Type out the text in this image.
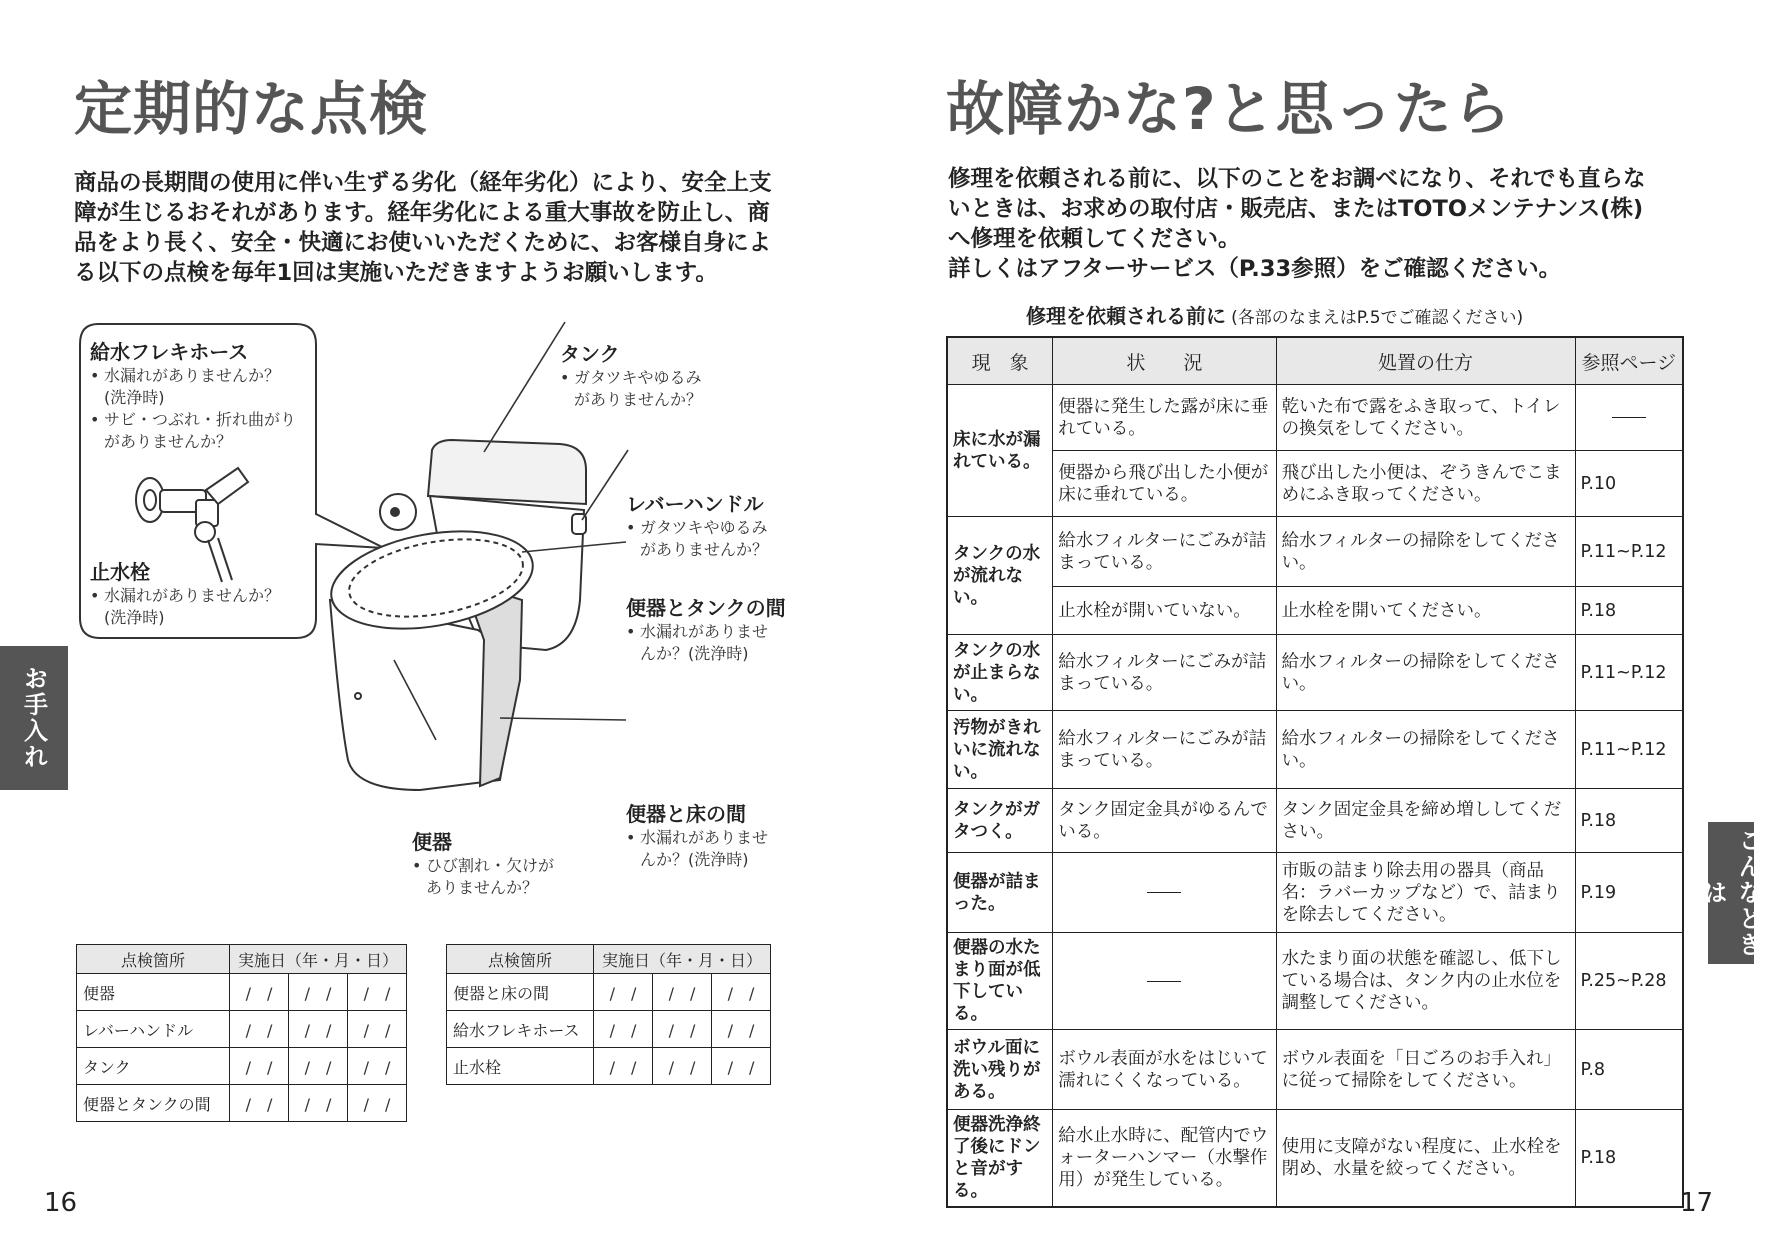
定期的な点検
商品の長期間の使用に伴い生ずる劣化（経年劣化）により、安全上支
障が生じるおそれがあります。経年劣化による重大事故を防止し、商
品をより長く、安全・快適にお使いいただくために、お客様自身によ
る以下の点検を毎年1回は実施いただきますようお願いします。
給水フレキホース
• 水漏れがありませんか？
(洗浄時)
• サビ・つぶれ・折れ曲がり
がありませんか？
止水栓
• 水漏れがありませんか？
(洗浄時)
タンク
• ガタツキやゆるみ
がありませんか？
レバーハンドル
• ガタツキやゆるみ
がありませんか？
便器とタンクの間
• 水漏れがありませ
んか？(洗浄時)
便器と床の間
• 水漏れがありませ
んか？(洗浄時)
便器
• ひび割れ・欠けが
ありませんか？
点検箇所	実施日（年・月・日）		
便器	/　/	/　/	/　/
レバーハンドル	/　/	/　/	/　/
タンク	/　/	/　/	/　/
便器とタンクの間	/　/	/　/	/　/
点検箇所	実施日（年・月・日）		
便器と床の間	/　/	/　/	/　/
給水フレキホース	/　/	/　/	/　/
止水栓	/　/	/　/	/　/
お手入れ
16
故障かな?と思ったら
修理を依頼される前に、以下のことをお調べになり、それでも直らな
いときは、お求めの取付店・販売店、またはTOTOメンテナンス(株)
へ修理を依頼してください。
詳しくはアフターサービス（P.33参照）をご確認ください。
修理を依頼される前に (各部のなまえはP.5でご確認ください)
現　象	状　　況	処置の仕方	参照ページ
床に水が漏れている。	便器に発生した露が床に垂れている。	乾いた布で露をふき取って、トイレの換気をしてください。	
	便器から飛び出した小便が床に垂れている。	飛び出した小便は、ぞうきんでこまめにふき取ってください。	P.10
タンクの水が流れない。	給水フィルターにごみが詰まっている。	給水フィルターの掃除をしてください。	P.11~P.12
	止水栓が開いていない。	止水栓を開いてください。	P.18
タンクの水が止まらない。	給水フィルターにごみが詰まっている。	給水フィルターの掃除をしてください。	P.11~P.12
汚物がきれいに流れない。	給水フィルターにごみが詰まっている。	給水フィルターの掃除をしてください。	P.11~P.12
タンクがガタつく。	タンク固定金具がゆるんでいる。	タンク固定金具を締め増ししてください。	P.18
便器が詰まった。		市販の詰まり除去用の器具（商品名：ラバーカップなど）で、詰まりを除去してください。	P.19
便器の水たまり面が低下している。		水たまり面の状態を確認し、低下している場合は、タンク内の止水位を調整してください。	P.25~P.28
ボウル面に洗い残りがある。	ボウル表面が水をはじいて濡れにくくなっている。	ボウル表面を「日ごろのお手入れ」に従って掃除をしてください。	P.8
便器洗浄終了後にドンと音がする。	給水止水時に、配管内でウォーターハンマー（水撃作用）が発生している。	使用に支障がない程度に、止水栓を閉め、水量を絞ってください。	P.18
こんなときは
17
